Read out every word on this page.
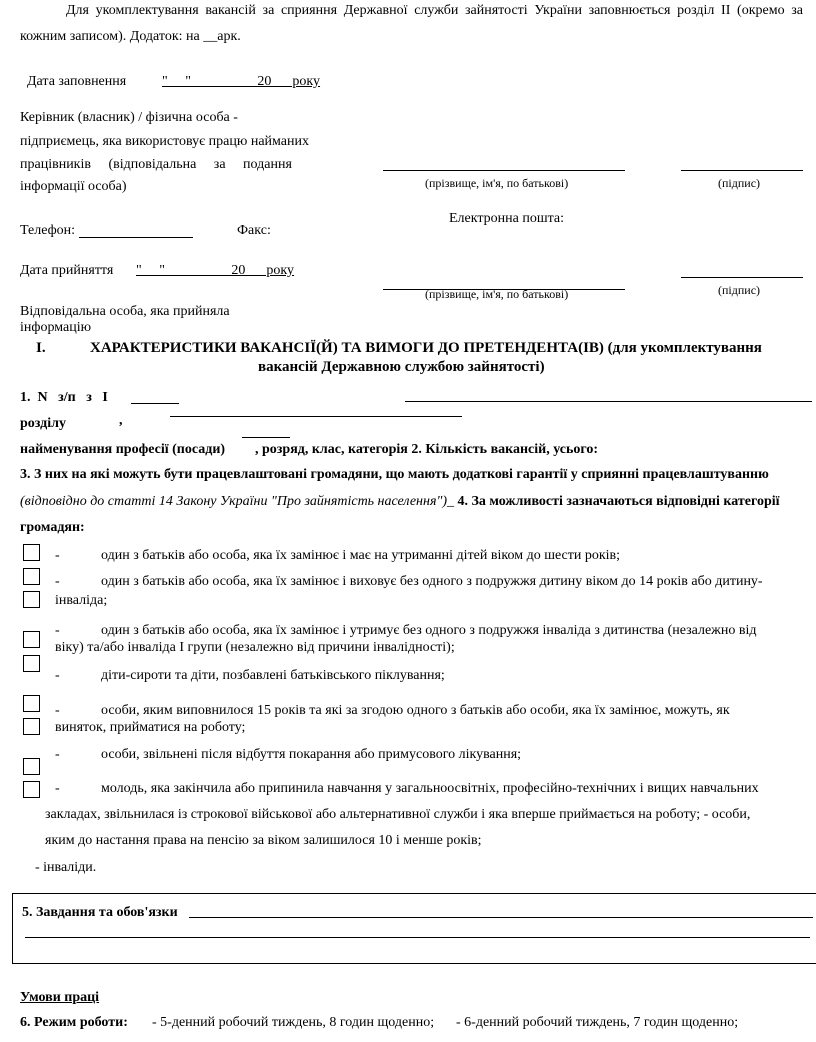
Для укомплектування вакансій за сприяння Державної служби зайнятості України заповнюється розділ II (окремо за
кожним записом). Додаток: на __арк.
Дата заповнення	"     "                   20      року
Керівник (власник) / фізична особа -
підприємець, яка використовує працю найманих
працівників     (відповідальна     за     подання
інформації особа)	(прізвище, ім'я, по батькові)	(підпис)
Електронна пошта:
Телефон:	Факс:
Дата прийняття "     "                   20      року
(прізвище, ім'я, по батькові)	(підпис)
Відповідальна особа, яка прийняла
інформацію
I.	ХАРАКТЕРИСТИКИ ВАКАНСІЇ(Й) ТА ВИМОГИ ДО ПРЕТЕНДЕНТА(ІВ) (для укомплектування
вакансій Державною службою зайнятості)
1.  N   з/п   з   I
розділу	,
найменування професії (посади) , розряд, клас, категорія 2. Кількість вакансій, усього:
3. З них на які можуть бути працевлаштовані громадяни, що мають додаткові гарантії у сприянні працевлаштуванню
(відповідно до статті 14 Закону України "Про зайнятість населення")_ 4. За можливості зазначаються відповідні категорії
громадян:
-	один з батьків або особа, яка їх замінює і має на утриманні дітей віком до шести років;
-	один з батьків або особа, яка їх замінює і виховує без одного з подружжя дитину віком до 14 років або дитину-
інваліда;
-	один з батьків або особа, яка їх замінює і утримує без одного з подружжя інваліда з дитинства (незалежно від
віку) та/або інваліда I групи (незалежно від причини інвалідності);
-	діти-сироти та діти, позбавлені батьківського піклування;
-	особи, яким виповнилося 15 років та які за згодою одного з батьків або особи, яка їх замінює, можуть, як
виняток, прийматися на роботу;
-	особи, звільнені після відбуття покарання або примусового лікування;
-	молодь, яка закінчила або припинила навчання у загальноосвітніх, професійно-технічних і вищих навчальних
закладах, звільнилася із строкової військової або альтернативної служби і яка вперше приймається на роботу; - особи,
яким до настання права на пенсію за віком залишилося 10 і менше років;
- інваліди.
5. Завдання та обов'язки
Умови праці
6. Режим роботи: - 5-денний робочий тиждень, 8 годин щоденно; - 6-денний робочий тиждень, 7 годин щоденно;
